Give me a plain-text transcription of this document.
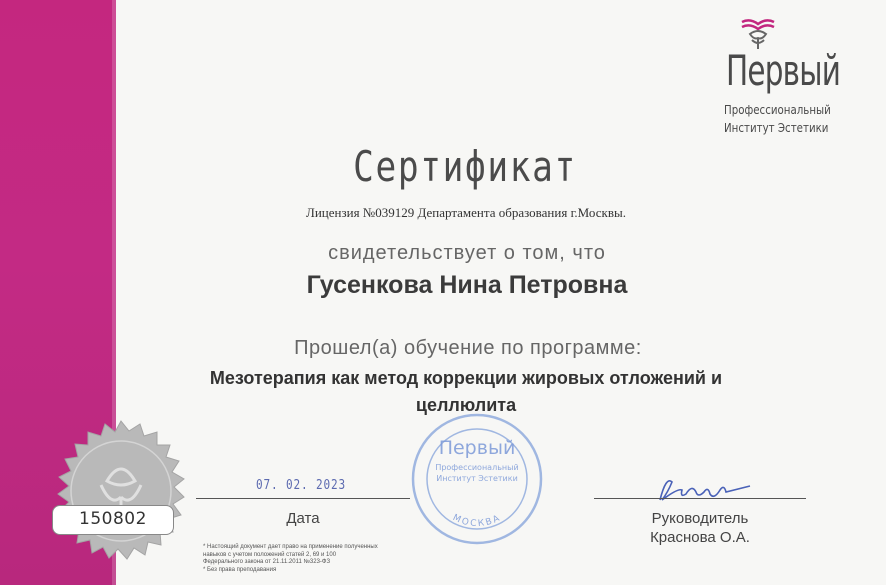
150802
Первый
Профессиональный
Институт Эстетики
Сертификат
Лицензия №039129 Департамента образования г.Москвы.
свидетельствует о том, что
Гусенкова Нина Петровна
Прошел(а) обучение по программе:
Мезотерапия как метод коррекции жировых отложений и целлюлита
Первый
Профессиональный
Институт Эстетики
МОСКВА
07. 02. 2023
Дата	Руководитель
Краснова О.А.
* Настоящий документ дает право на применение полученных
навыков с учетом положений статей 2, 69 и 100
Федерального закона от 21.11.2011 №323-ФЗ
* Без права преподавания
